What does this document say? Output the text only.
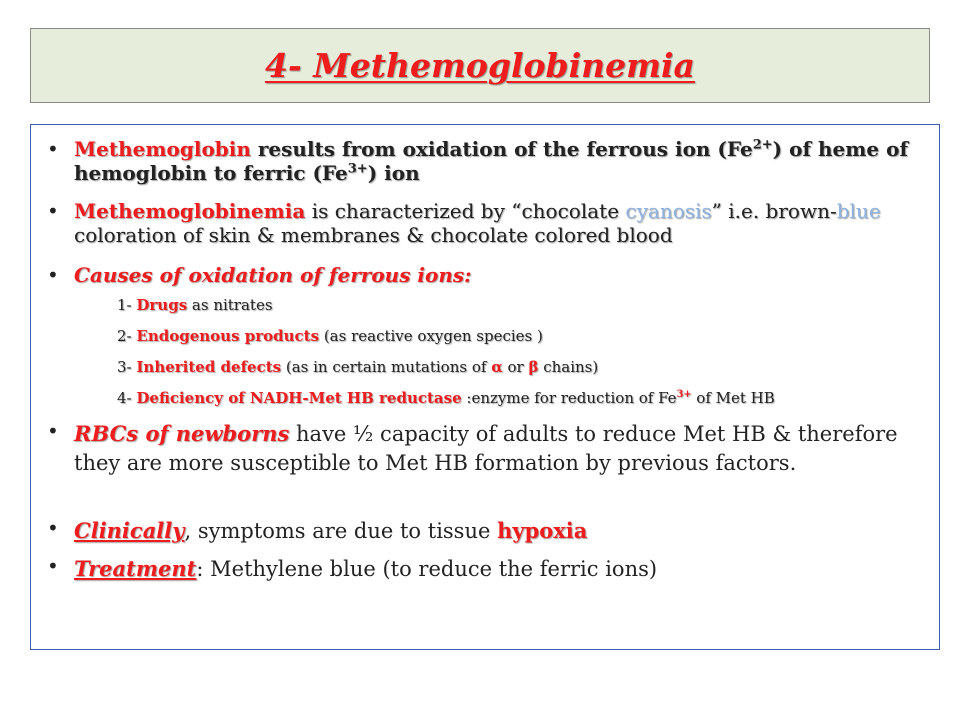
4- Methemoglobinemia
• Methemoglobin results from oxidation of the ferrous ion $(Fe^{2+})$ of heme of hemoglobin to ferric $(Fe^{3+})$ ion
• Methemoglobinemia is characterized by “chocolate cyanosis” i.e. brown-blue coloration of skin & membranes & chocolate colored blood
• Causes of oxidation of ferrous ions:
1- Drugs as nitrates
2- Endogenous products (as reactive oxygen species )
3- Inherited defects (as in certain mutations of α or β chains)
4- Deficiency of NADH-Met HB reductase :enzyme for reduction of $Fe^{3+}$ of Met HB
• RBCs of newborns have ½ capacity of adults to reduce Met HB & therefore they are more susceptible to Met HB formation by previous factors.
• Clinically, symptoms are due to tissue hypoxia
• Treatment: Methylene blue (to reduce the ferric ions)
